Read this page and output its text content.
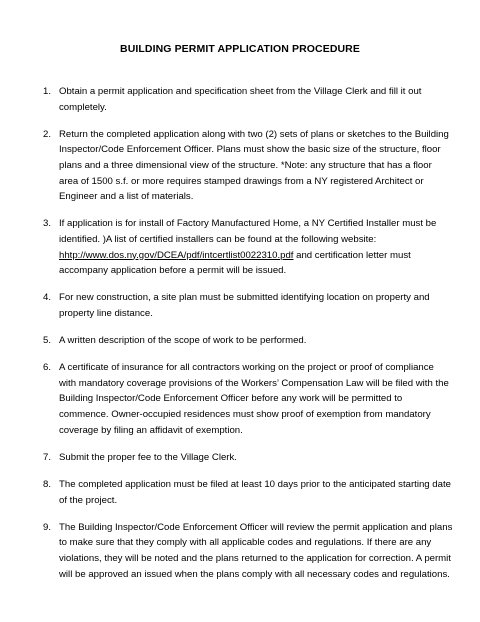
BUILDING PERMIT APPLICATION PROCEDURE
1. Obtain a permit application and specification sheet from the Village Clerk and fill it out completely.
2. Return the completed application along with two (2) sets of plans or sketches to the Building Inspector/Code Enforcement Officer. Plans must show the basic size of the structure, floor plans and a three dimensional view of the structure. *Note: any structure that has a floor area of 1500 s.f. or more requires stamped drawings from a NY registered Architect or Engineer and a list of materials.
3. If application is for install of Factory Manufactured Home, a NY Certified Installer must be identified. )A list of certified installers can be found at the following website: hhtp://www.dos.ny.gov/DCEA/pdf/intcertlist0022310.pdf and certification letter must accompany application before a permit will be issued.
4. For new construction, a site plan must be submitted identifying location on property and property line distance.
5. A written description of the scope of work to be performed.
6. A certificate of insurance for all contractors working on the project or proof of compliance with mandatory coverage provisions of the Workers’ Compensation Law will be filed with the Building Inspector/Code Enforcement Officer before any work will be permitted to commence. Owner-occupied residences must show proof of exemption from mandatory coverage by filing an affidavit of exemption.
7. Submit the proper fee to the Village Clerk.
8. The completed application must be filed at least 10 days prior to the anticipated starting date of the project.
9. The Building Inspector/Code Enforcement Officer will review the permit application and plans to make sure that they comply with all applicable codes and regulations. If there are any violations, they will be noted and the plans returned to the application for correction. A permit will be approved an issued when the plans comply with all necessary codes and regulations.
